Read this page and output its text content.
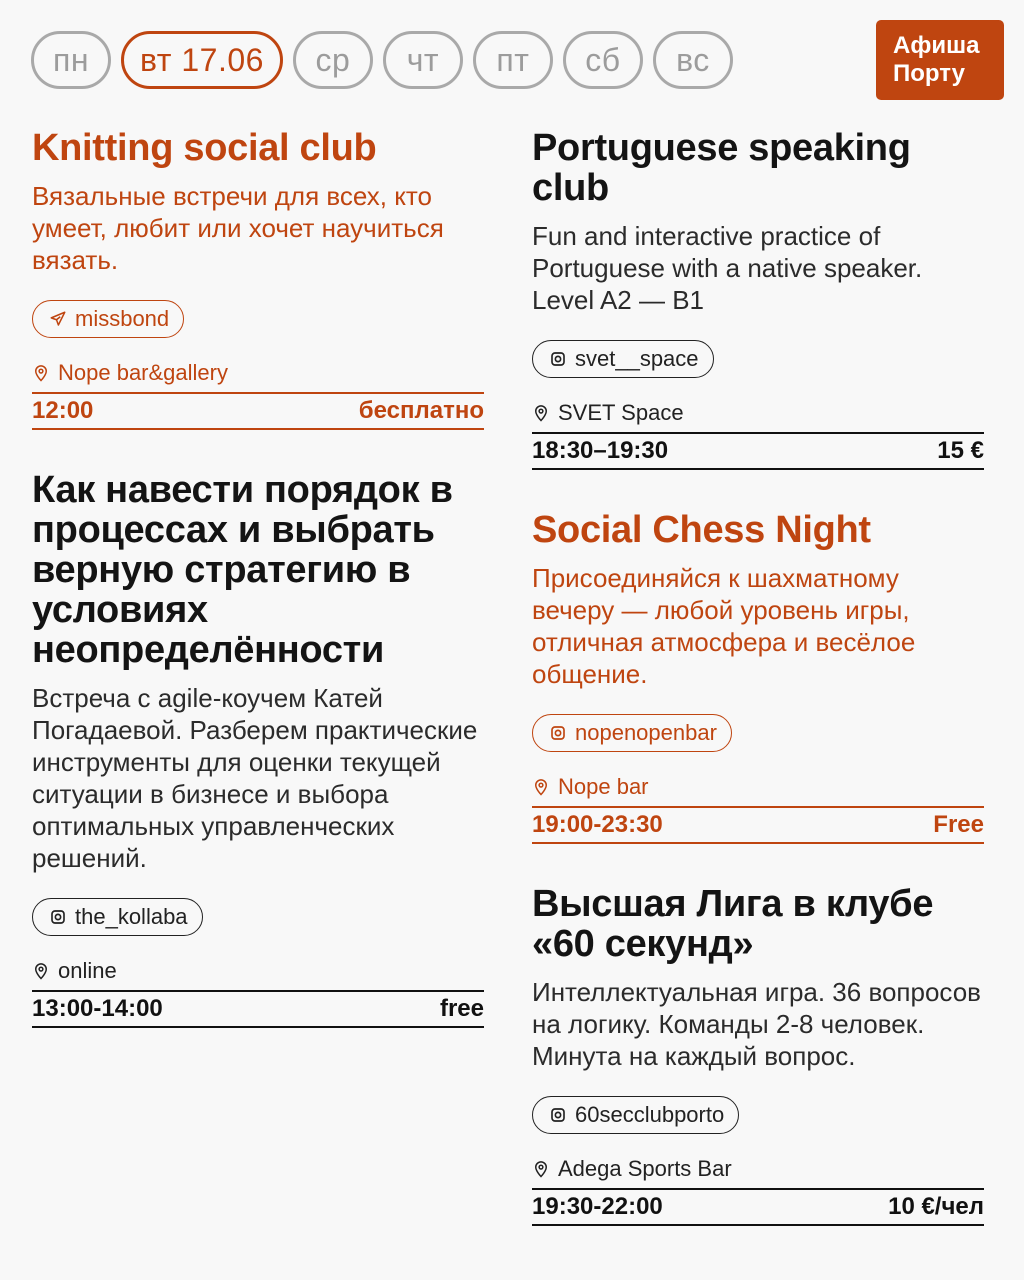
пн	вт 17.06	ср	чт	пт	сб	вс	Афиша
Порту
Knitting social club
Вязальные встречи для всех, кто умеет, любит или хочет научиться вязать.
missbond
Nope bar&gallery
12:00	бесплатно
Как навести порядок в процессах и выбрать верную стратегию в условиях неопределённости
Встреча с agile-коучем Катей Погадаевой. Разберем практические инструменты для оценки текущей ситуации в бизнесе и выбора оптимальных управленческих решений.
the_kollaba
online
13:00-14:00	free
Portuguese speaking club
Fun and interactive practice of Portuguese with a native speaker. Level A2 — B1
svet__space
SVET Space
18:30–19:30	15 €
Social Chess Night
Присоединяйся к шахматному вечеру — любой уровень игры, отличная атмосфера и весёлое общение.
nopenopenbar
Nope bar
19:00-23:30	Free
Высшая Лига в клубе «60 секунд»
Интеллектуальная игра. 36 вопросов на логику. Команды 2-8 человек. Минута на каждый вопрос.
60secclubporto
Adega Sports Bar
19:30-22:00	10 €/чел
